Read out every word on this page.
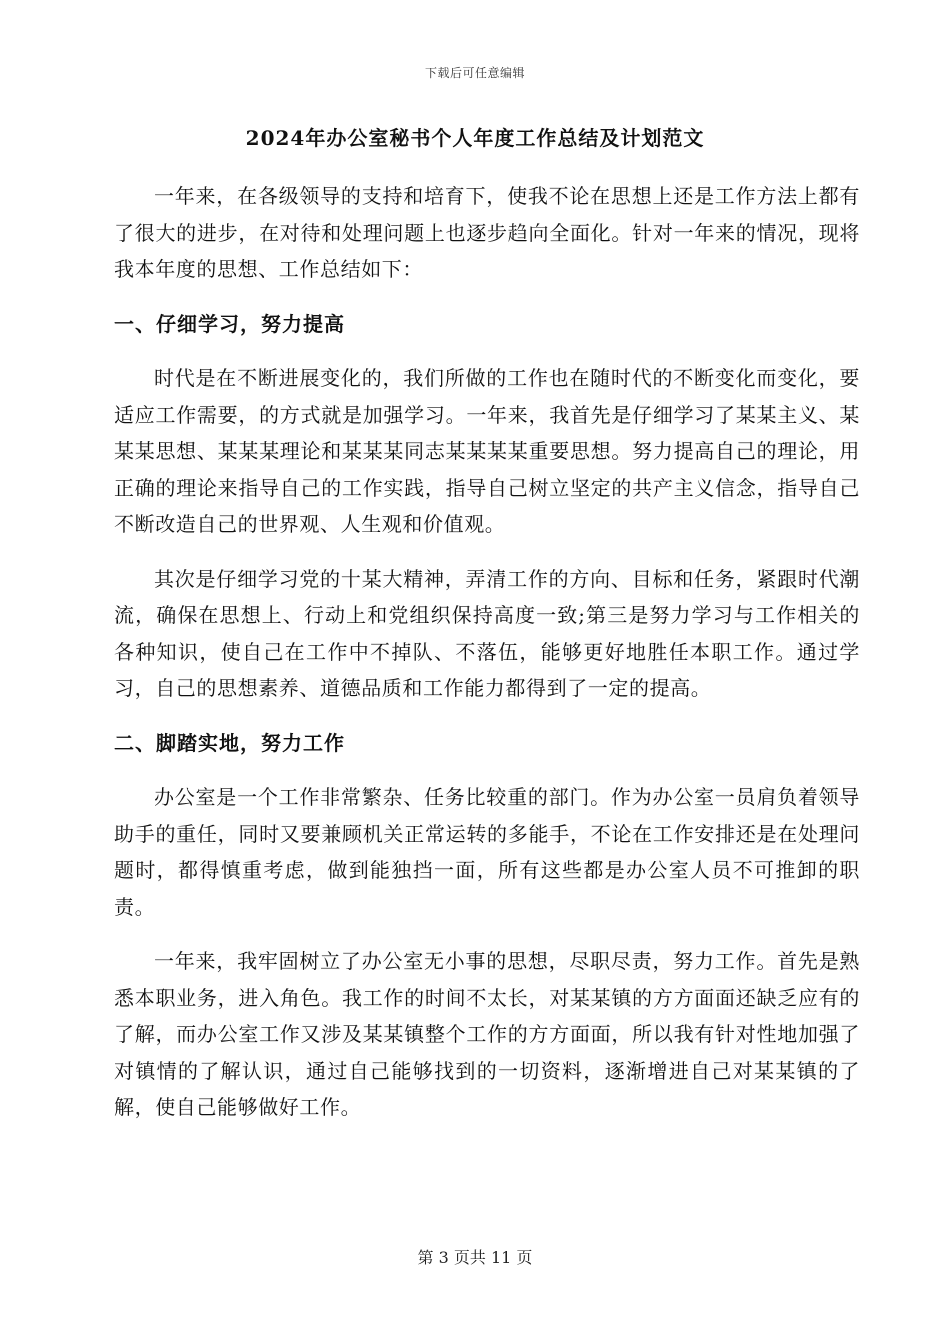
下载后可任意编辑
2024年办公室秘书个人年度工作总结及计划范文

一年来，在各级领导的支持和培育下，使我不论在思想上还是工作方法上都有了很大的进步，在对待和处理问题上也逐步趋向全面化。针对一年来的情况，现将我本年度的思想、工作总结如下：

一、仔细学习，努力提高

时代是在不断进展变化的，我们所做的工作也在随时代的不断变化而变化，要适应工作需要，的方式就是加强学习。一年来，我首先是仔细学习了某某主义、某某某思想、某某某理论和某某某同志某某某某重要思想。努力提高自己的理论，用正确的理论来指导自己的工作实践，指导自己树立坚定的共产主义信念，指导自己不断改造自己的世界观、人生观和价值观。

其次是仔细学习党的十某大精神，弄清工作的方向、目标和任务，紧跟时代潮流，确保在思想上、行动上和党组织保持高度一致;第三是努力学习与工作相关的各种知识，使自己在工作中不掉队、不落伍，能够更好地胜任本职工作。通过学习，自己的思想素养、道德品质和工作能力都得到了一定的提高。

二、脚踏实地，努力工作

办公室是一个工作非常繁杂、任务比较重的部门。作为办公室一员肩负着领导助手的重任，同时又要兼顾机关正常运转的多能手，不论在工作安排还是在处理问题时，都得慎重考虑，做到能独挡一面，所有这些都是办公室人员不可推卸的职责。

一年来，我牢固树立了办公室无小事的思想，尽职尽责，努力工作。首先是熟悉本职业务，进入角色。我工作的时间不太长，对某某镇的方方面面还缺乏应有的了解，而办公室工作又涉及某某镇整个工作的方方面面，所以我有针对性地加强了对镇情的了解认识，通过自己能够找到的一切资料，逐渐增进自己对某某镇的了解，使自己能够做好工作。

第 3 页共 11 页
